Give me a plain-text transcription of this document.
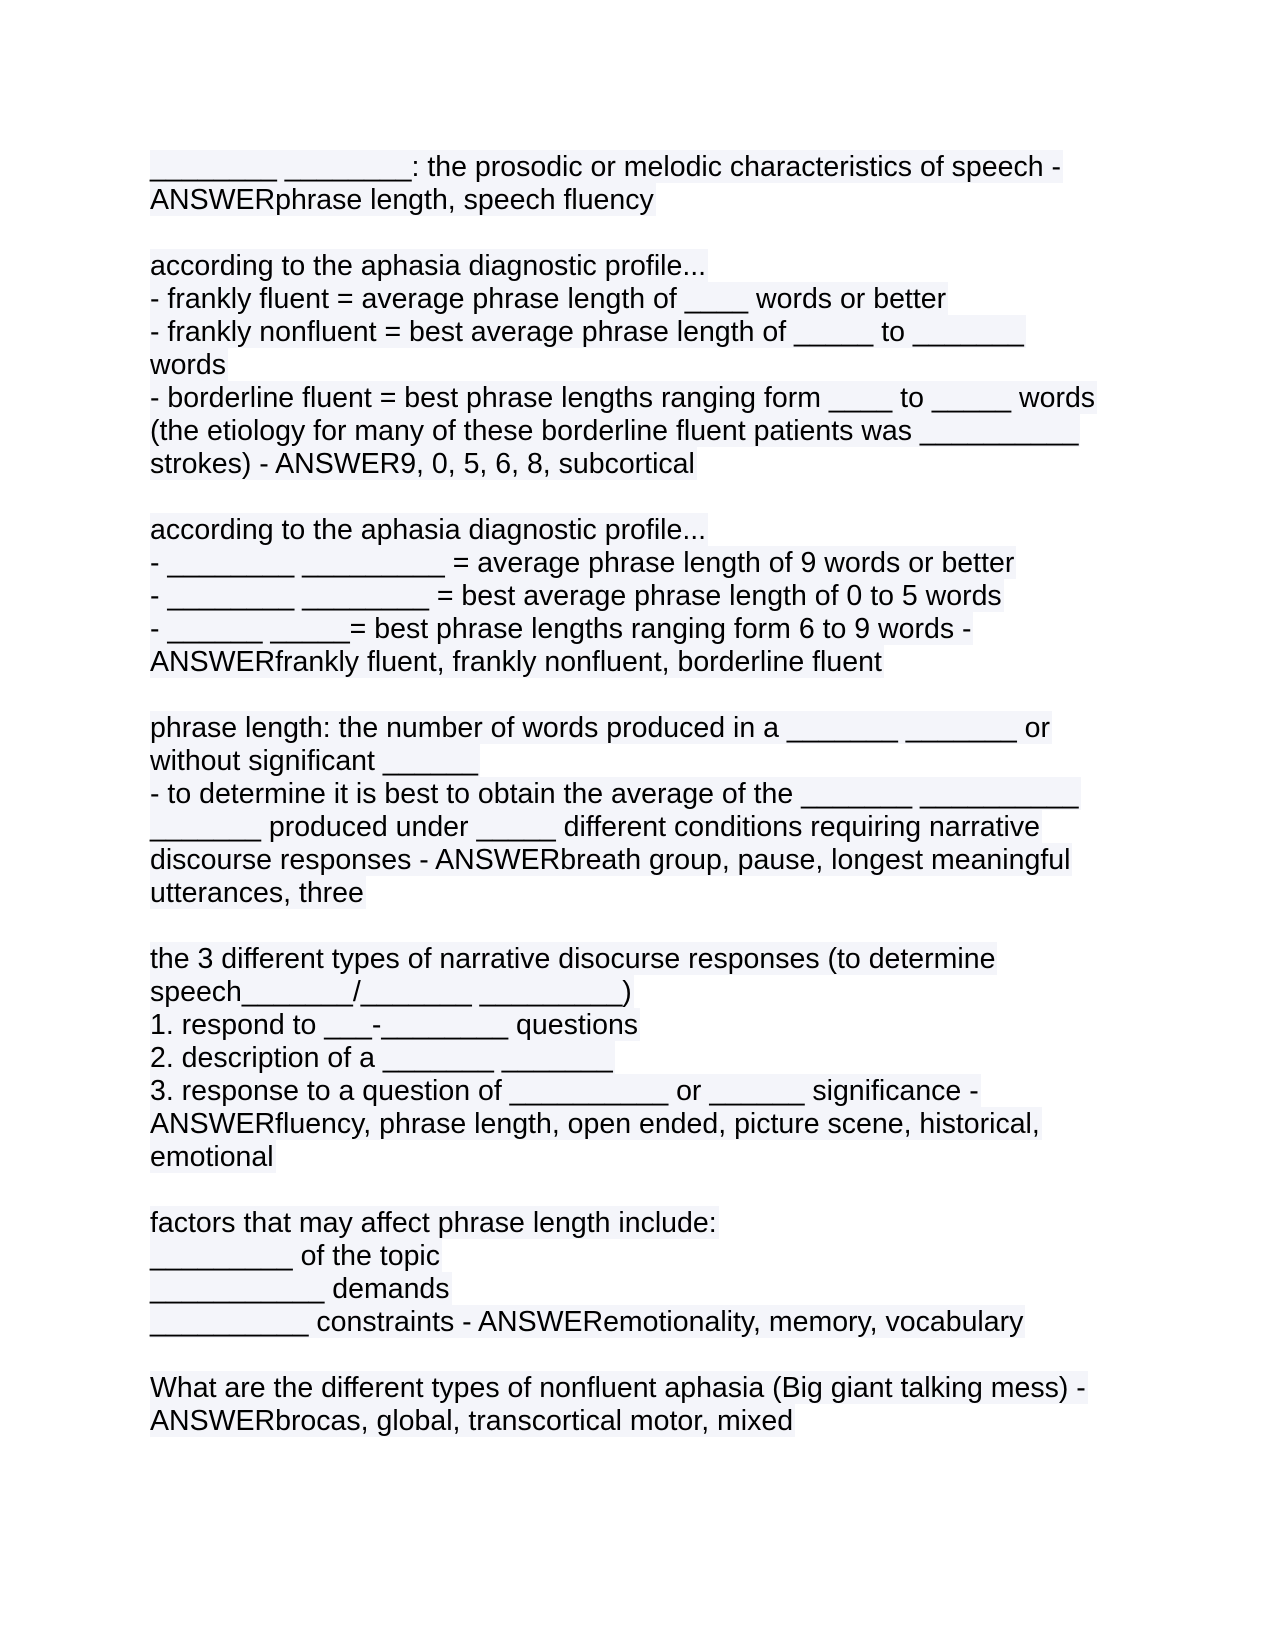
________ ________: the prosodic or melodic characteristics of speech -
ANSWERphrase length, speech fluency
according to the aphasia diagnostic profile...
- frankly fluent = average phrase length of ____ words or better
- frankly nonfluent = best average phrase length of _____ to _______
words
- borderline fluent = best phrase lengths ranging form ____ to _____ words
(the etiology for many of these borderline fluent patients was __________
strokes) - ANSWER9, 0, 5, 6, 8, subcortical
according to the aphasia diagnostic profile...
- ________ _________ = average phrase length of 9 words or better
- ________ ________ = best average phrase length of 0 to 5 words
- ______ _____= best phrase lengths ranging form 6 to 9 words -
ANSWERfrankly fluent, frankly nonfluent, borderline fluent
phrase length: the number of words produced in a _______ _______ or
without significant ______
- to determine it is best to obtain the average of the _______ __________
_______ produced under _____ different conditions requiring narrative
discourse responses - ANSWERbreath group, pause, longest meaningful
utterances, three
the 3 different types of narrative disocurse responses (to determine
speech_______/_______ _________)
1. respond to ___-________ questions
2. description of a _______ _______
3. response to a question of __________ or ______ significance -
ANSWERfluency, phrase length, open ended, picture scene, historical,
emotional
factors that may affect phrase length include:
_________ of the topic
___________ demands
__________ constraints - ANSWERemotionality, memory, vocabulary
What are the different types of nonfluent aphasia (Big giant talking mess) -
ANSWERbrocas, global, transcortical motor, mixed
